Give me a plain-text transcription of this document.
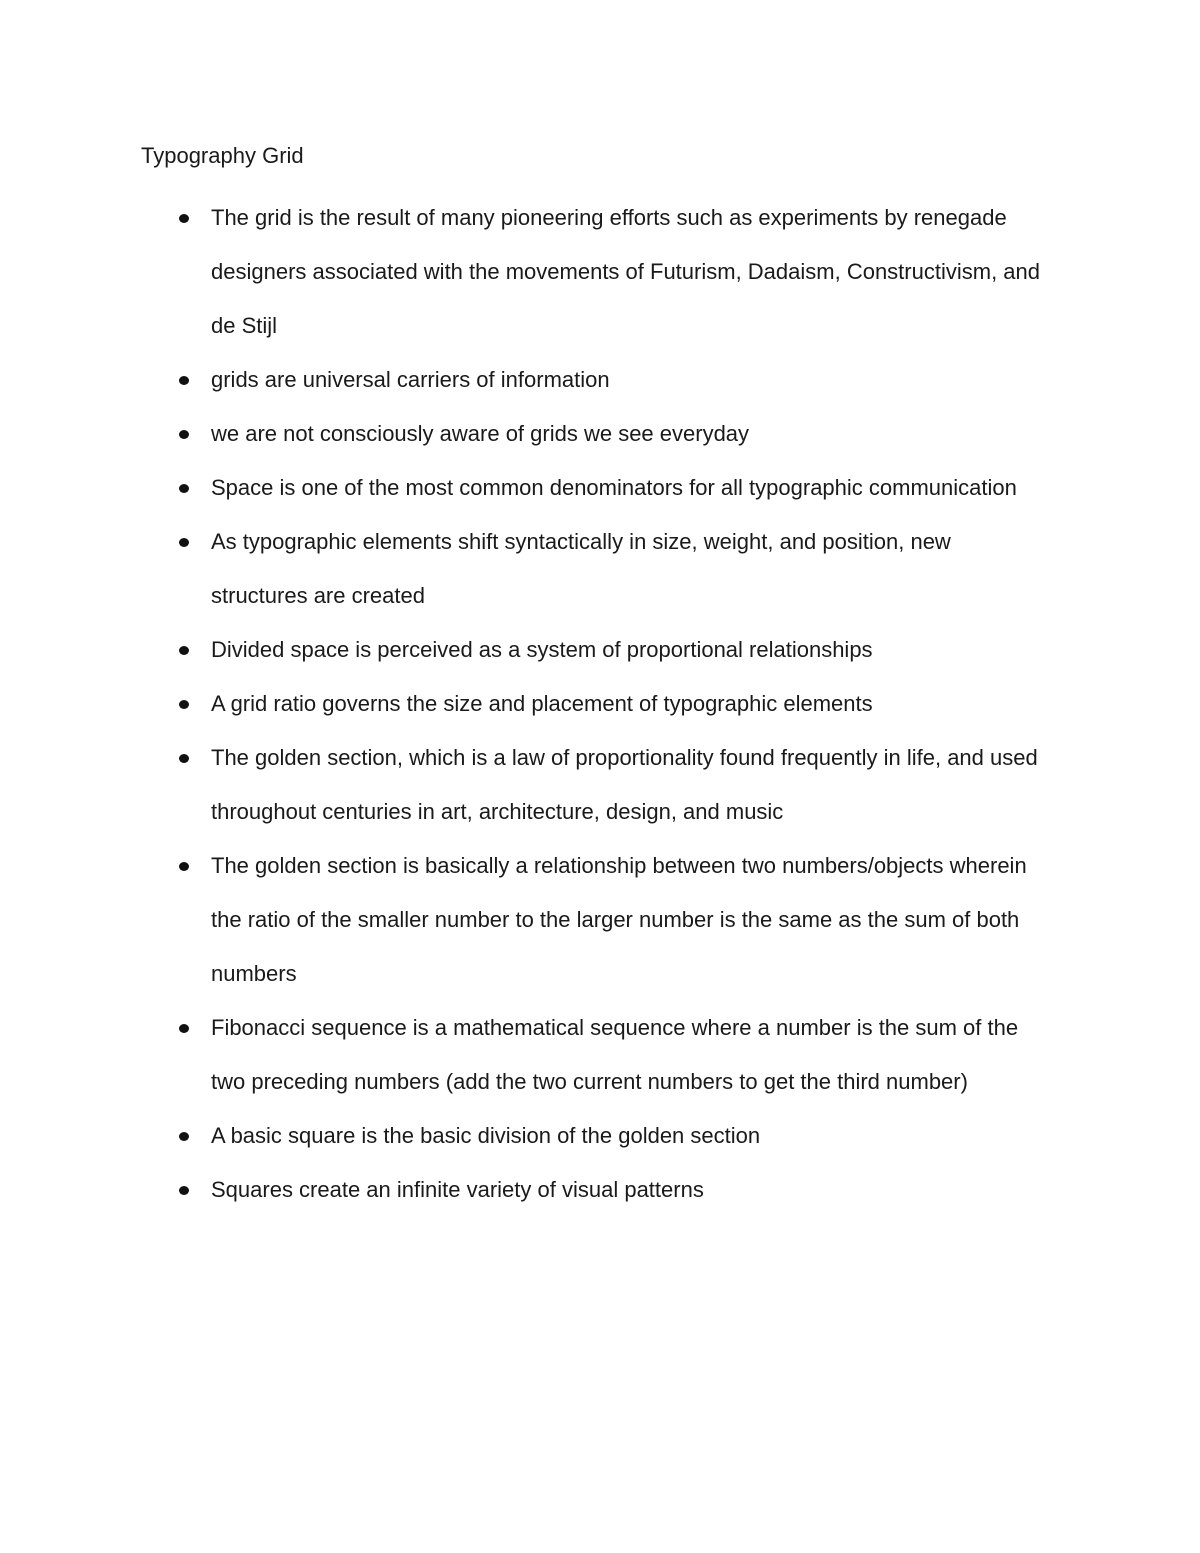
Typography Grid
The grid is the result of many pioneering efforts such as experiments by renegade designers associated with the movements of Futurism, Dadaism, Constructivism, and de Stijl
grids are universal carriers of information
we are not consciously aware of grids we see everyday
Space is one of the most common denominators for all typographic communication
As typographic elements shift syntactically in size, weight, and position, new structures are created
Divided space is perceived as a system of proportional relationships
A grid ratio governs the size and placement of typographic elements
The golden section, which is a law of proportionality found frequently in life, and used throughout centuries in art, architecture, design, and music
The golden section is basically a relationship between two numbers/objects wherein the ratio of the smaller number to the larger number is the same as the sum of both numbers
Fibonacci sequence is a mathematical sequence where a number is the sum of the two preceding numbers (add the two current numbers to get the third number)
A basic square is the basic division of the golden section
Squares create an infinite variety of visual patterns
